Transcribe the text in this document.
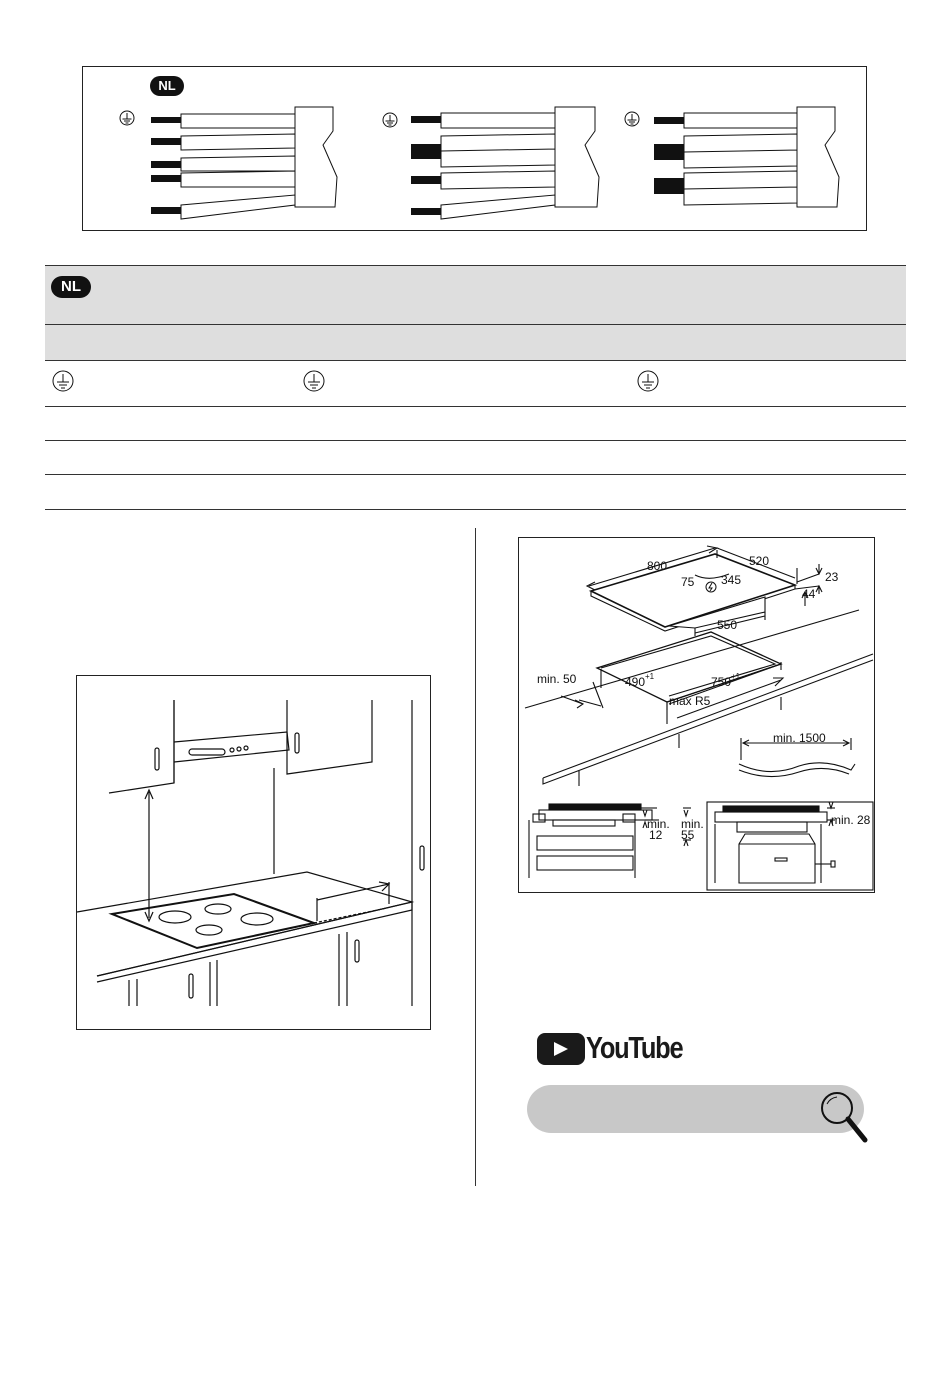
NL
NL
800	520
23
44
550
75 345
min. 50	490 +1	750 +1
max R5
min. 1500
min.
12
min.
55
min. 28
YouTube
